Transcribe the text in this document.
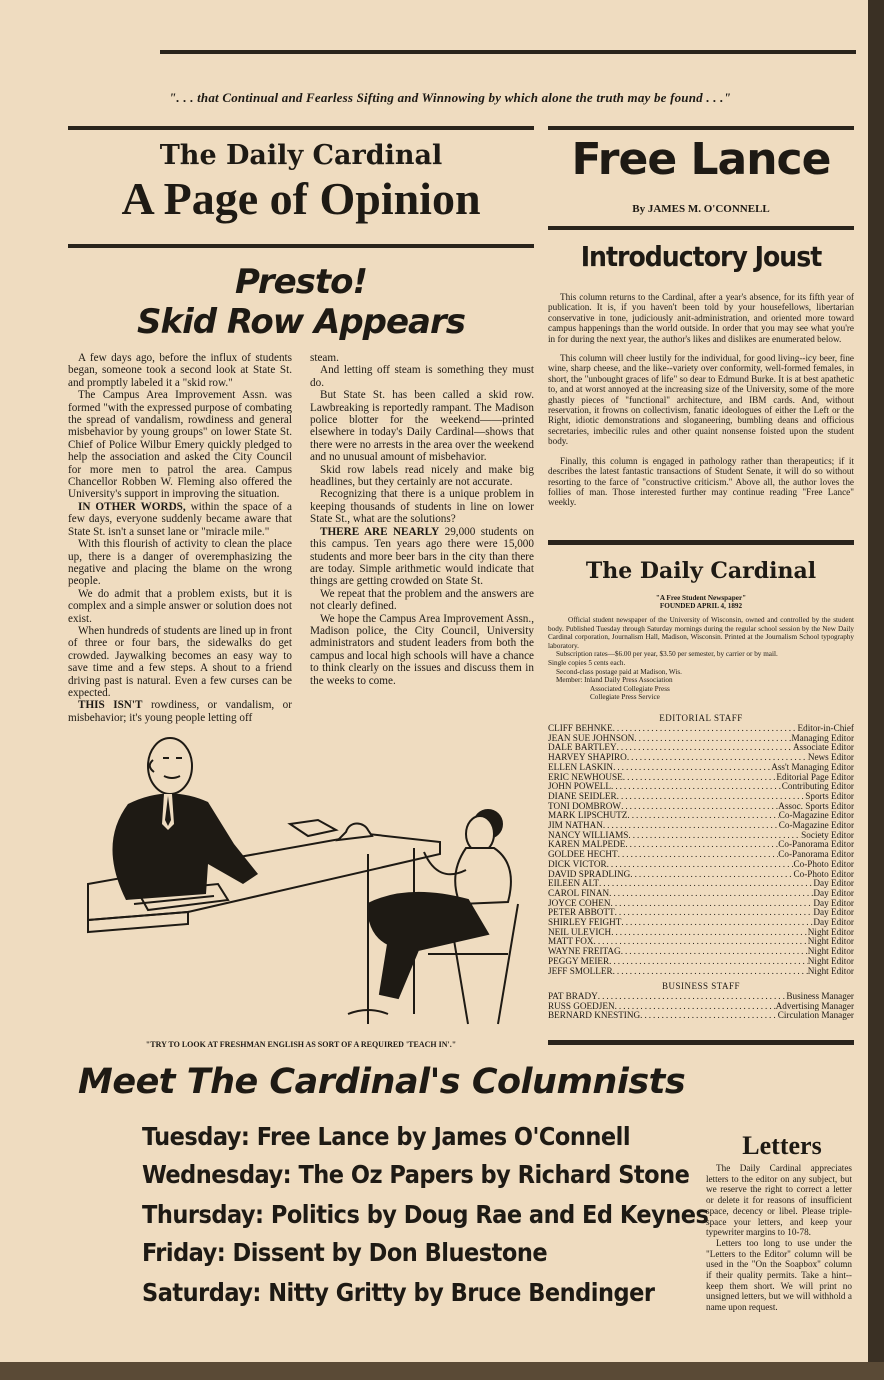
". . . that Continual and Fearless Sifting and Winnowing by which alone the truth may be found . . ."
The Daily Cardinal
A Page of Opinion
Presto!
Skid Row Appears

A few days ago, before the influx of students began, someone took a second look at State St. and promptly labeled it a "skid row."

The Campus Area Improvement Assn. was formed "with the expressed purpose of combating the spread of vandalism, rowdiness and general misbehavior by young groups" on lower State St. Chief of Police Wilbur Emery quickly pledged to help the association and asked the City Council for more men to patrol the area. Campus Chancellor Robben W. Fleming also offered the University's support in improving the situation.

IN OTHER WORDS, within the space of a few days, everyone suddenly became aware that State St. isn't a sunset lane or "miracle mile."

With this flourish of activity to clean the place up, there is a danger of overemphasizing the negative and placing the blame on the wrong people.

We do admit that a problem exists, but it is complex and a simple answer or solution does not exist.

When hundreds of students are lined up in front of three or four bars, the sidewalks do get crowded. Jaywalking becomes an easy way to save time and a few steps. A shout to a friend driving past is natural. Even a few curses can be expected.

THIS ISN'T rowdiness, or vandalism, or misbehavior; it's young people letting off

steam.

And letting off steam is something they must do.

But State St. has been called a skid row. Lawbreaking is reportedly rampant. The Madison police blotter for the weekend——printed elsewhere in today's Daily Cardinal—shows that there were no arrests in the area over the weekend and no unusual amount of misbehavior.

Skid row labels read nicely and make big headlines, but they certainly are not accurate.

Recognizing that there is a unique problem in keeping thousands of students in line on lower State St., what are the solutions?

THERE ARE NEARLY 29,000 students on this campus. Ten years ago there were 15,000 students and more beer bars in the city than there are today. Simple arithmetic would indicate that things are getting crowded on State St.

We repeat that the problem and the answers are not clearly defined.

We hope the Campus Area Improvement Assn., Madison police, the City Council, University administrators and student leaders from both the campus and local high schools will have a chance to think clearly on the issues and discuss them in the weeks to come.

"TRY TO LOOK AT FRESHMAN ENGLISH AS SORT OF A REQUIRED 'TEACH IN'."
Free Lance
By JAMES M. O'CONNELL
Introductory Joust

This column returns to the Cardinal, after a year's absence, for its fifth year of publication. It is, if you haven't been told by your housefellows, libertarian conservative in tone, judiciously anit-administration, and oriented more toward campus happenings than the world outside. In order that you may see what you're in for during the next year, the author's likes and dislikes are enumerated below.

This column will cheer lustily for the individual, for good living--icy beer, fine wine, sharp cheese, and the like--variety over conformity, well-formed females, in short, the "unbought graces of life" so dear to Edmund Burke. It is at best apathetic to, and at worst annoyed at the increasing size of the University, some of the more ghastly pieces of "functional" architecture, and IBM cards. And, without reservation, it frowns on collectivism, fanatic ideologues of either the Left or the Right, idiotic demonstrations and sloganeering, bumbling deans and officious secretaries, imbecilic rules and other quaint nonsense foisted upon the student body.

Finally, this column is engaged in pathology rather than therapeutics; if it describes the latest fantastic transactions of Student Senate, it will do so without resorting to the farce of "constructive criticism." Above all, the author loves the follies of man. Those interested further may continue reading "Free Lance" weekly.

The Daily Cardinal
"A Free Student Newspaper"
FOUNDED APRIL 4, 1892
Official student newspaper of the University of Wisconsin, owned and controlled by the student body. Published Tuesday through Saturday mornings during the regular school session by the New Daily Cardinal corporation, Journalism Hall, Madison, Wisconsin. Printed at the Journalism School typography laboratory.
Subscription rates—$6.00 per year, $3.50 per semester, by carrier or by mail.
Single copies 5 cents each.
Second-class postage paid at Madison, Wis.
Member: Inland Daily Press Association
Associated Collegiate Press
Collegiate Press Service
EDITORIAL STAFF
CLIFF BEHNKE .....	Editor-in-Chief
JEAN SUE JOHNSON .....	Managing Editor
DALE BARTLEY .....	Associate Editor
HARVEY SHAPIRO .....	News Editor
ELLEN LASKIN .....	Ass't Managing Editor
ERIC NEWHOUSE .....	Editorial Page Editor
JOHN POWELL .....	Contributing Editor
DIANE SEIDLER .....	Sports Editor
TONI DOMBROW .....	Assoc. Sports Editor
MARK LIPSCHUTZ .....	Co-Magazine Editor
JIM NATHAN .....	Co-Magazine Editor
NANCY WILLIAMS .....	Society Editor
KAREN MALPEDE .....	Co-Panorama Editor
GOLDEE HECHT .....	Co-Panorama Editor
DICK VICTOR .....	Co-Photo Editor
DAVID SPRADLING .....	Co-Photo Editor
EILEEN ALT .....	Day Editor
CAROL FINAN .....	Day Editor
JOYCE COHEN .....	Day Editor
PETER ABBOTT .....	Day Editor
SHIRLEY FEIGHT .....	Day Editor
NEIL ULEVICH .....	Night Editor
MATT FOX .....	Night Editor
WAYNE FREITAG .....	Night Editor
PEGGY MEIER .....	Night Editor
JEFF SMOLLER .....	Night Editor
BUSINESS STAFF
PAT BRADY .....	Business Manager
RUSS GOEDJEN .....	Advertising Manager
BERNARD KNESTING .....	Circulation Manager
Meet The Cardinal's Columnists
Tuesday: Free Lance by James O'Connell
Wednesday: The Oz Papers by Richard Stone
Thursday: Politics by Doug Rae and Ed Keynes
Friday: Dissent by Don Bluestone
Saturday: Nitty Gritty by Bruce Bendinger
Letters

The Daily Cardinal appreciates letters to the editor on any subject, but we reserve the right to correct a letter or delete it for reasons of insufficient space, decency or libel. Please triple-space your letters, and keep your typewriter margins to 10-78.

Letters too long to use under the "Letters to the Editor" column will be used in the "On the Soapbox" column if their quality permits. Take a hint--keep them short. We will print no unsigned letters, but we will withhold a name upon request.
